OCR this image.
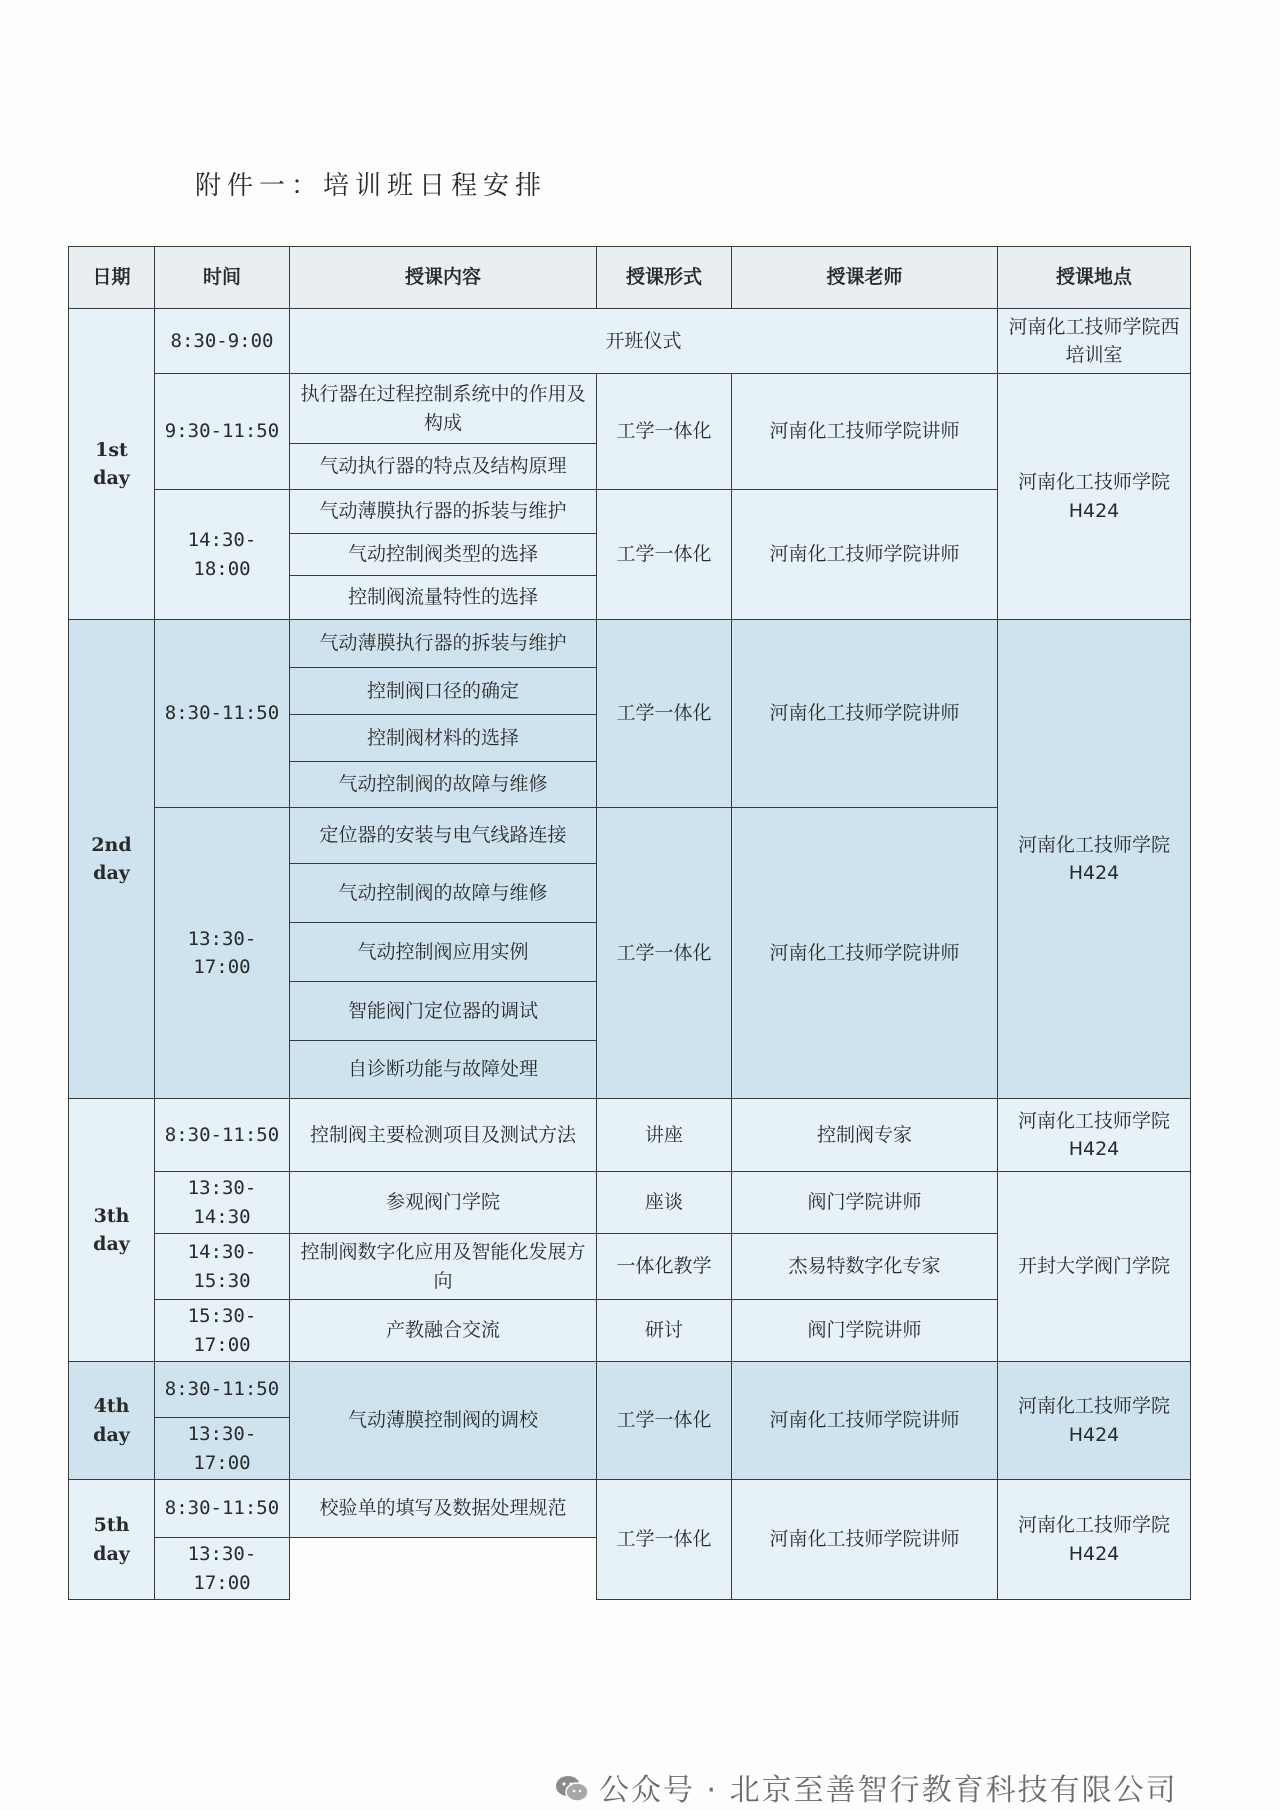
附件一：培训班日程安排
日期	时间	授课内容	授课形式	授课老师	授课地点
1st day	8:30-9:00	开班仪式			河南化工技师学院西培训室
	9:30-11:50	执行器在过程控制系统中的作用及构成	工学一体化	河南化工技师学院讲师	河南化工技师学院H424
		气动执行器的特点及结构原理			
	14:30-18:00	气动薄膜执行器的拆装与维护	工学一体化	河南化工技师学院讲师	
		气动控制阀类型的选择			
		控制阀流量特性的选择			
2nd day	8:30-11:50	气动薄膜执行器的拆装与维护	工学一体化	河南化工技师学院讲师	河南化工技师学院H424
		控制阀口径的确定			
		控制阀材料的选择			
		气动控制阀的故障与维修			
	13:30-17:00	定位器的安装与电气线路连接	工学一体化	河南化工技师学院讲师	
		气动控制阀的故障与维修			
		气动控制阀应用实例			
		智能阀门定位器的调试			
		自诊断功能与故障处理			
3th day	8:30-11:50	控制阀主要检测项目及测试方法	讲座	控制阀专家	河南化工技师学院H424
	13:30-14:30	参观阀门学院	座谈	阀门学院讲师	开封大学阀门学院
	14:30-15:30	控制阀数字化应用及智能化发展方向	一体化教学	杰易特数字化专家	
	15:30-17:00	产教融合交流	研讨	阀门学院讲师	
4th day	8:30-11:50	气动薄膜控制阀的调校	工学一体化	河南化工技师学院讲师	河南化工技师学院H424
	13:30-17:00				
5th day	8:30-11:50	校验单的填写及数据处理规范	工学一体化	河南化工技师学院讲师	河南化工技师学院H424
	13:30-17:00				
公众号 · 北京至善智行教育科技有限公司
